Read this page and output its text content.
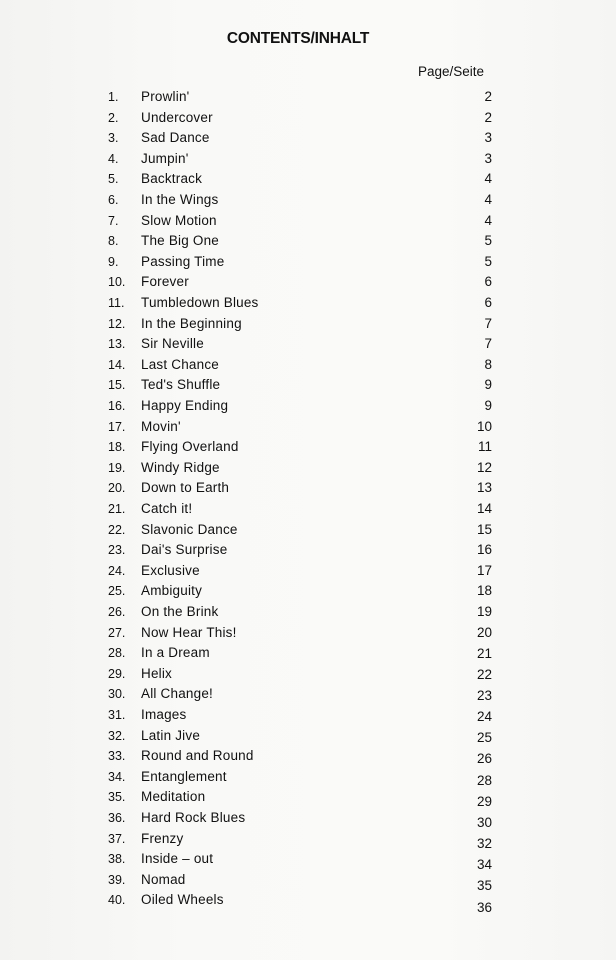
CONTENTS/INHALT
Page/Seite
1. Prowlin'	2
2. Undercover	2
3. Sad Dance	3
4. Jumpin'	3
5. Backtrack	4
6. In the Wings	4
7. Slow Motion	4
8. The Big One	5
9. Passing Time	5
10. Forever	6
11. Tumbledown Blues	6
12. In the Beginning	7
13. Sir Neville	7
14. Last Chance	8
15. Ted's Shuffle	9
16. Happy Ending	9
17. Movin'	10
18. Flying Overland	11
19. Windy Ridge	12
20. Down to Earth	13
21. Catch it!	14
22. Slavonic Dance	15
23. Dai's Surprise	16
24. Exclusive	17
25. Ambiguity	18
26. On the Brink	19
27. Now Hear This!	20
28. In a Dream	21
29. Helix	22
30. All Change!	23
31. Images	24
32. Latin Jive	25
33. Round and Round	26
34. Entanglement	28
35. Meditation	29
36. Hard Rock Blues	30
37. Frenzy	32
38. Inside – out	34
39. Nomad	35
40. Oiled Wheels	36
